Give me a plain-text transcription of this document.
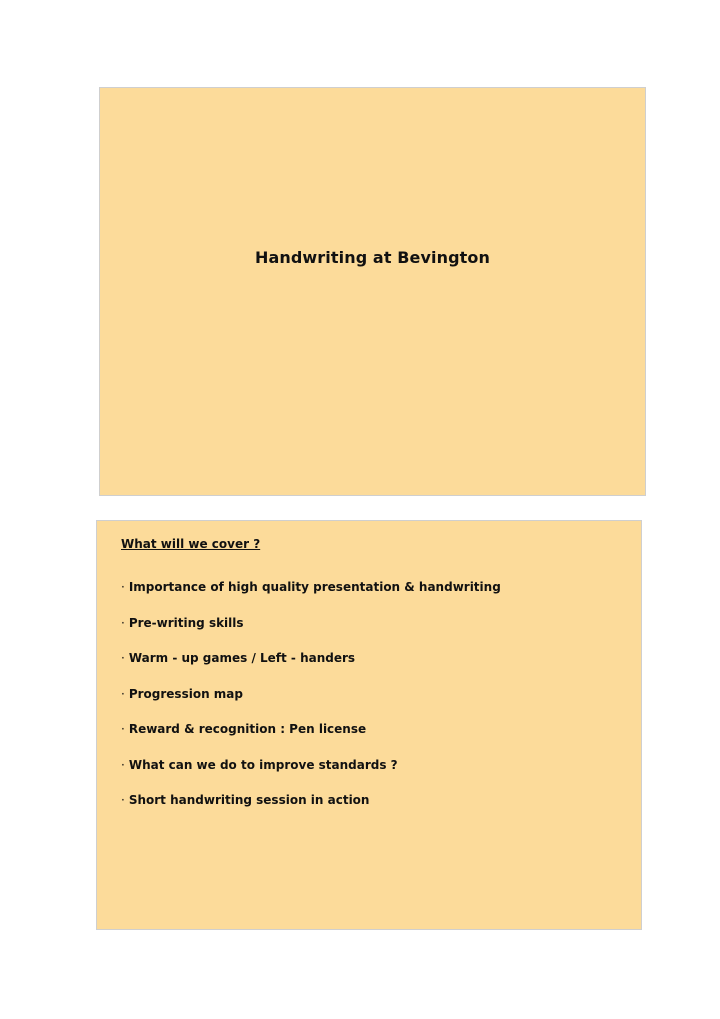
Handwriting at Bevington
What will we cover ?
· Importance of high quality presentation & handwriting
· Pre-writing skills
· Warm - up games / Left - handers
· Progression map
· Reward & recognition : Pen license
· What can we do to improve standards ?
· Short handwriting session in action
